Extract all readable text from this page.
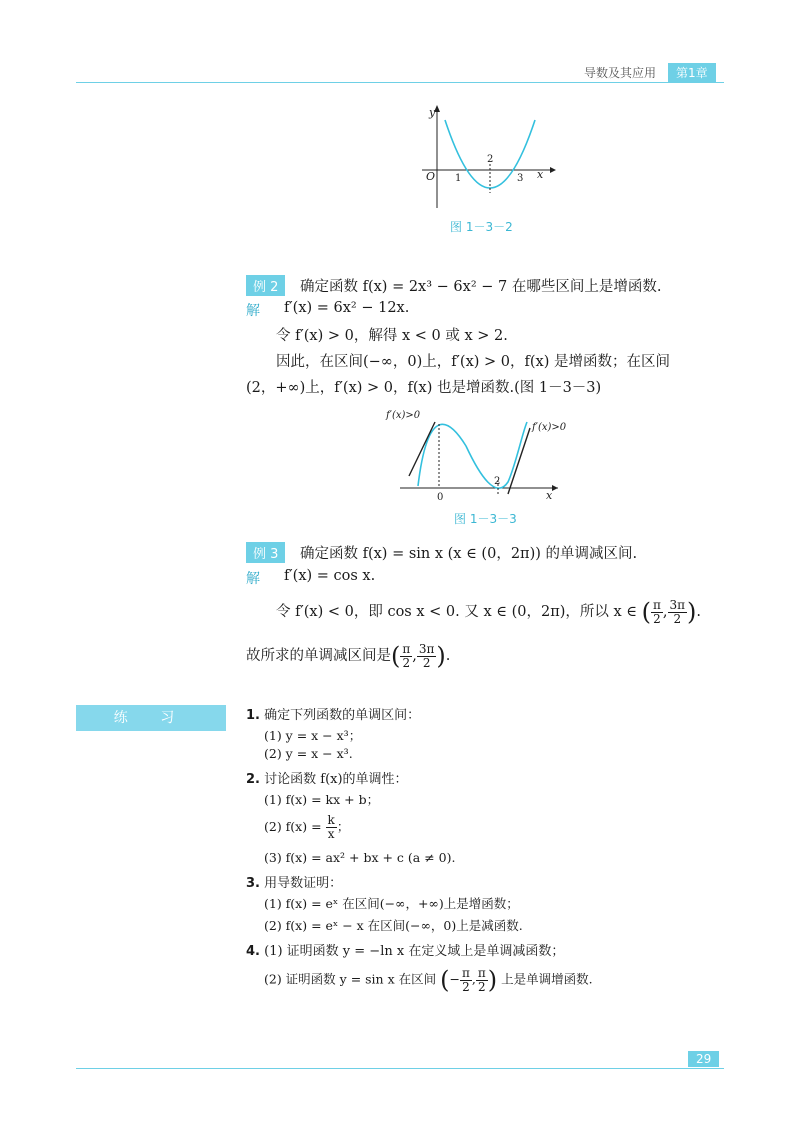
导数及其应用	第1章
y
x
O 1
2
3
图 1－3－2
例 2	确定函数 f(x) = 2x³ − 6x² − 7 在哪些区间上是增函数.
解 f′(x) = 6x² − 12x.
令 f′(x) > 0，解得 x < 0 或 x > 2.
因此，在区间(−∞，0)上，f′(x) > 0，f(x) 是增函数；在区间
(2，+∞)上，f′(x) > 0，f(x) 也是增函数.(图 1－3－3)
f′(x)>0
f′(x)>0
x
0
2
图 1－3－3
例 3	确定函数 f(x) = sin x (x ∈ (0，2π)) 的单调减区间.
解 f′(x) = cos x.
令 f′(x) < 0，即 cos x < 0. 又 x ∈ (0，2π)，所以 x ∈ ( $\frac{\pi}{2}$ , $\frac{3\pi}{2}$ ).
故所求的单调减区间是( $\frac{\pi}{2}$ , $\frac{3\pi}{2}$ ).
练 习	1. 确定下列函数的单调区间：
(1) y = x − x³；
(2) y = x − x³.
2. 讨论函数 f(x)的单调性：
(1) f(x) = kx + b；
(2) $f(x) = \frac{k}{x}$ ；
(3) f(x) = ax² + bx + c (a ≠ 0).
3. 用导数证明：
(1) f(x) = eˣ 在区间(−∞，+∞)上是增函数；
(2) f(x) = eˣ − x 在区间(−∞，0)上是减函数.
4. (1) 证明函数 y = −ln x 在定义域上是单调减函数；
(2) 证明函数 y = sin x 在区间 (− $\frac{\pi}{2}$ , $\frac{\pi}{2}$ ) 上是单调增函数.
29
